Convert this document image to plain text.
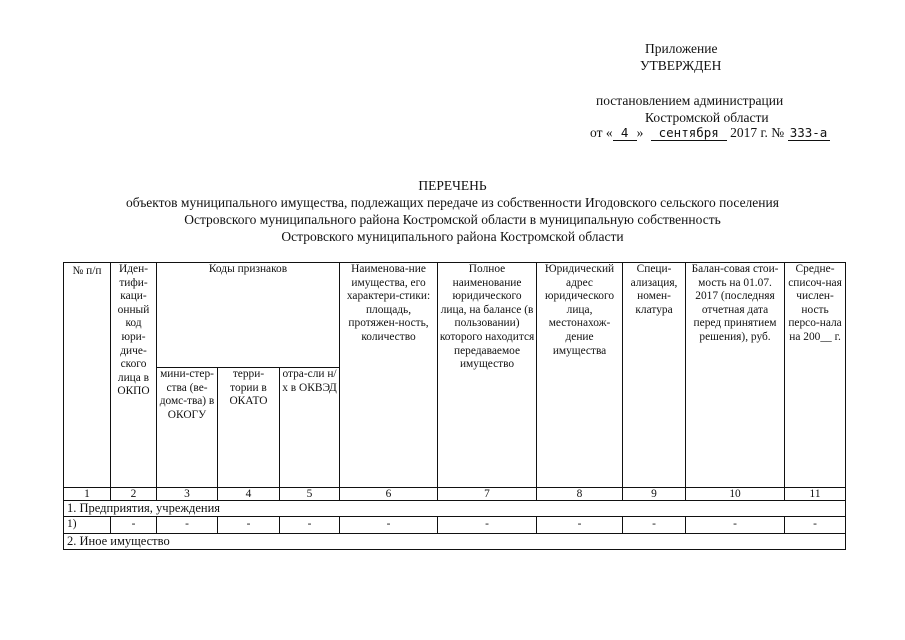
Приложение
УТВЕРЖДЕН
постановлением администрации
Костромской области
от « 4 » сентября 2017 г. № 333-а
ПЕРЕЧЕНЬ
объектов муниципального имущества, подлежащих передаче из собственности Игодовского сельского поселения
Островского муниципального района Костромской области в муниципальную собственность
Островского муниципального района Костромской области
№ п/п	Иден-тифи-каци-онный код юри-диче-ского лица в ОКПО	Коды признаков			Наименова-ние имущества, его характери-стики: площадь, протяжен-ность, количество	Полное наименование юридического лица, на балансе (в пользовании) которого находится передаваемое имущество	Юридический адрес юридического лица, местонахож-дение имущества	Специ-ализация, номен-клатура	Балан-совая стои-мость на 01.07. 2017 (последняя отчетная дата перед принятием решения), руб.	Средне-списоч-ная числен-ность персо-нала на 200__ г.
		мини-стер-ства (ве-домс-тва) в ОКОГУ	терри-тории в ОКАТО	отра-сли н/х в ОКВЭД						
1	2	3	4	5	6	7	8	9	10	11
1. Предприятия, учреждения										
1)	-	-	-	-	-	-	-	-	-	-
2. Иное имущество										
